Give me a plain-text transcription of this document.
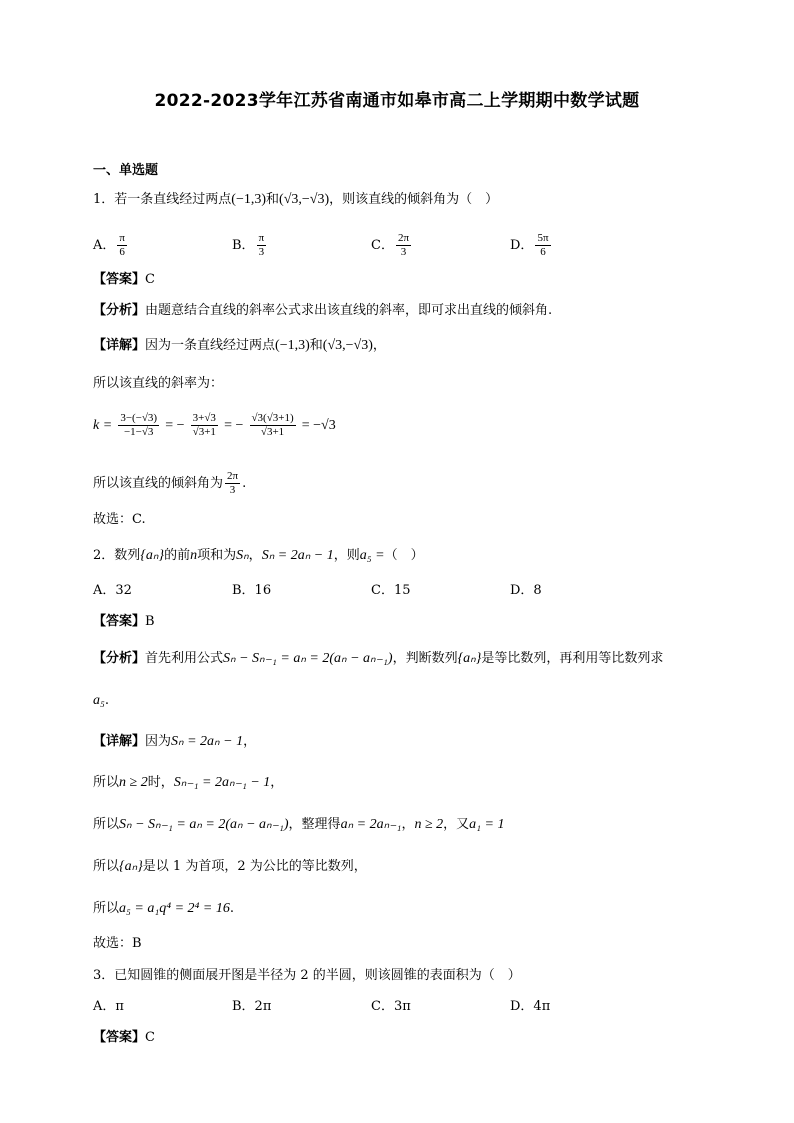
2022-2023学年江苏省南通市如皋市高二上学期期中数学试题
一、单选题
1．若一条直线经过两点(−1,3)和(√3,−√3)，则该直线的倾斜角为（　）
A． $\frac{\pi}{6}$	B． $\frac{\pi}{3}$	C． $\frac{2\pi}{3}$	D． $\frac{5\pi}{6}$
【答案】C
【分析】由题意结合直线的斜率公式求出该直线的斜率，即可求出直线的倾斜角.
【详解】因为一条直线经过两点(−1,3)和(√3,−√3)，
所以该直线的斜率为：
$k = \frac{3-(-√3)}{-1-√3}$ = − $\frac{3+√3}{√3+1}$ = − $\frac{√3(√3+1)}{√3+1} = -√3$
所以该直线的倾斜角为 $\frac{2\pi}{3}$ .
故选：C.
2．数列{aₙ}的前n项和为Sₙ，Sₙ = 2aₙ − 1，则a₅ =（　）
A．32	B．16	C．15	D．8
【答案】B
【分析】首先利用公式Sₙ − Sₙ₋₁ = aₙ = 2(aₙ − aₙ₋₁)，判断数列{aₙ}是等比数列，再利用等比数列求
a₅.
【详解】因为Sₙ = 2aₙ − 1，
所以n ≥ 2时，Sₙ₋₁ = 2aₙ₋₁ − 1，
所以Sₙ − Sₙ₋₁ = aₙ = 2(aₙ − aₙ₋₁)，整理得aₙ = 2aₙ₋₁，n ≥ 2，又a₁ = 1
所以{aₙ}是以 1 为首项，2 为公比的等比数列，
所以a₅ = a₁q⁴ = 2⁴ = 16.
故选：B
3．已知圆锥的侧面展开图是半径为 2 的半圆，则该圆锥的表面积为（　）
A．π	B．2π	C．3π	D．4π
【答案】C
